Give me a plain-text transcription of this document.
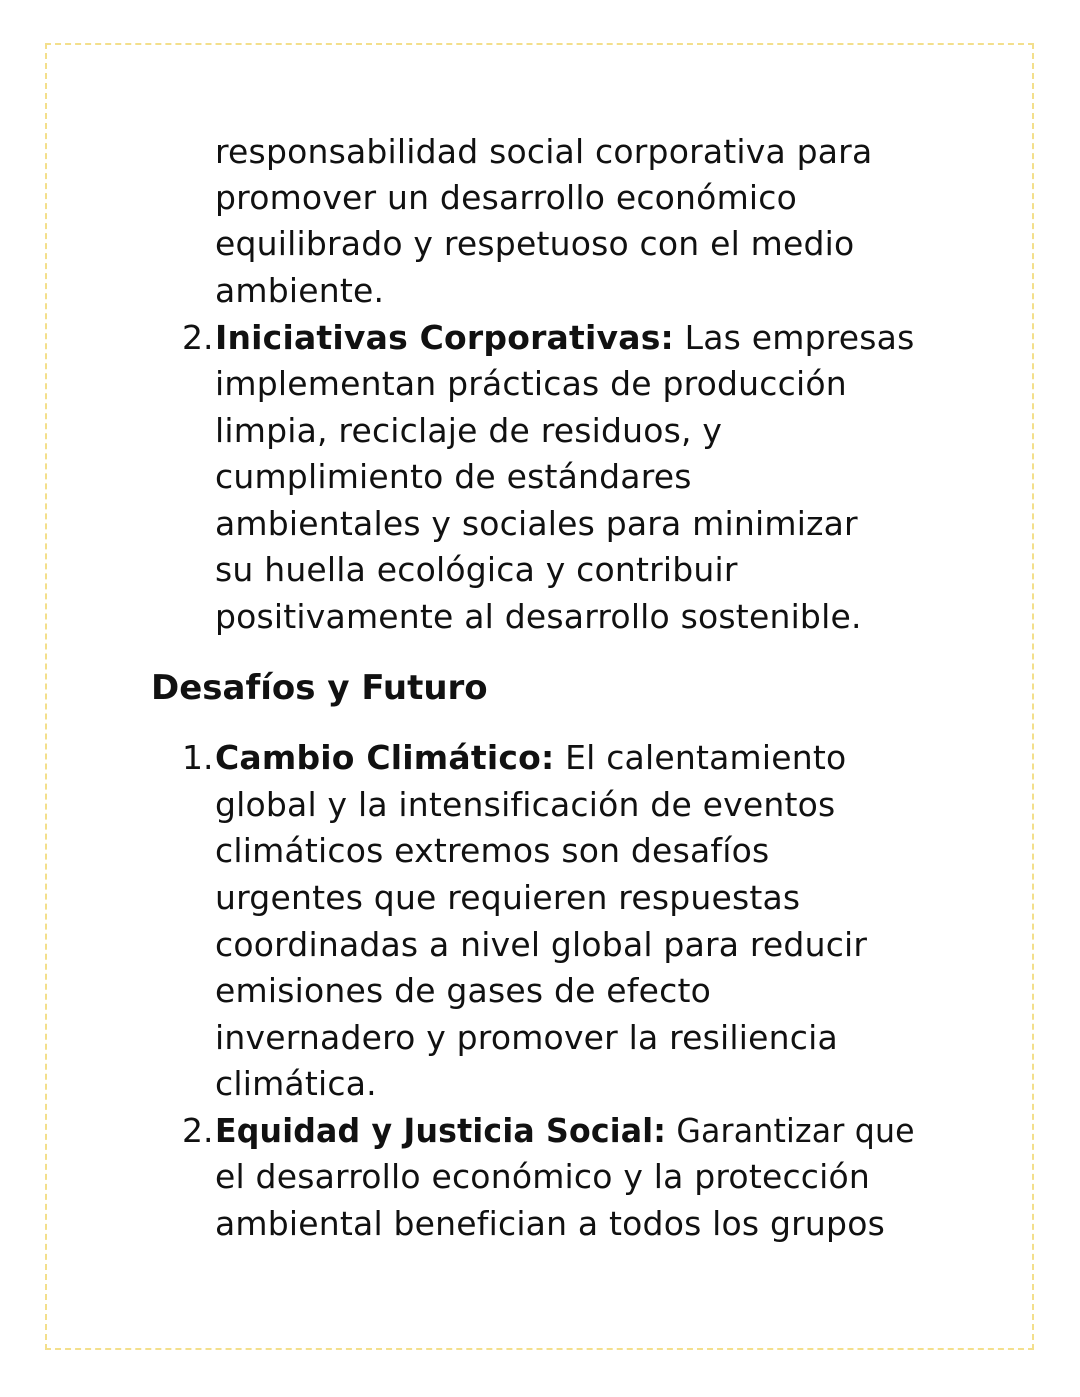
responsabilidad social corporativa para
promover un desarrollo económico
equilibrado y respetuoso con el medio
ambiente.
2. Iniciativas Corporativas: Las empresas
implementan prácticas de producción
limpia, reciclaje de residuos, y
cumplimiento de estándares
ambientales y sociales para minimizar
su huella ecológica y contribuir
positivamente al desarrollo sostenible.
Desafíos y Futuro
1. Cambio Climático: El calentamiento
global y la intensificación de eventos
climáticos extremos son desafíos
urgentes que requieren respuestas
coordinadas a nivel global para reducir
emisiones de gases de efecto
invernadero y promover la resiliencia
climática.
2. Equidad y Justicia Social: Garantizar que
el desarrollo económico y la protección
ambiental benefician a todos los grupos
